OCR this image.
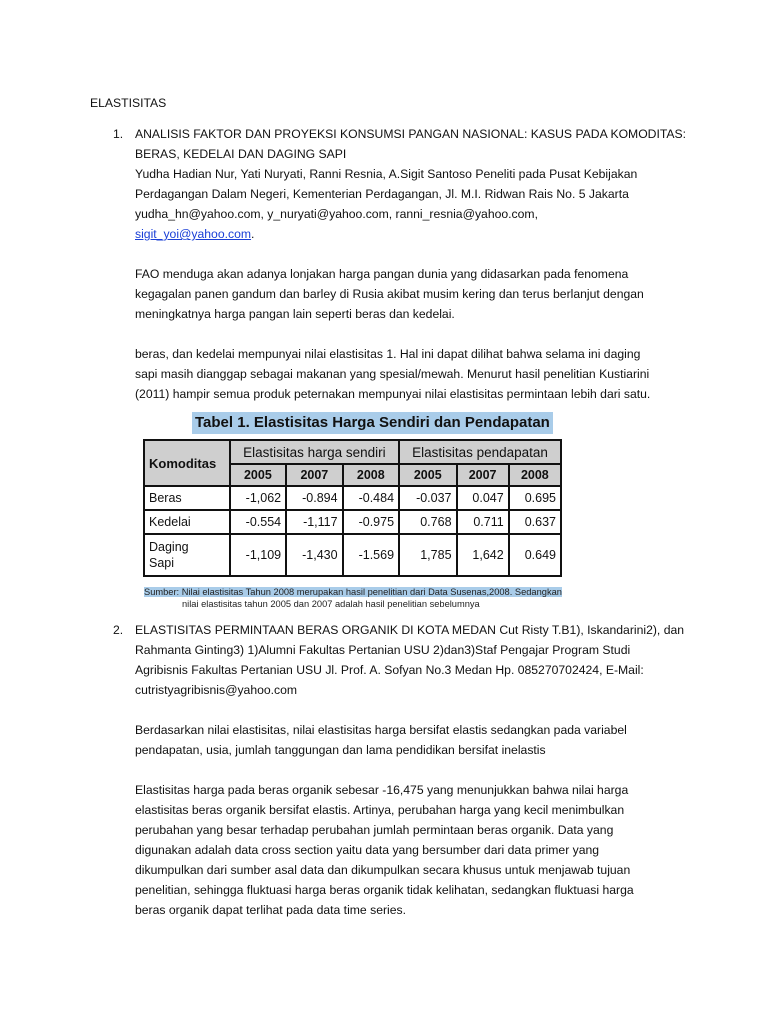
ELASTISITAS
1. ANALISIS FAKTOR DAN PROYEKSI KONSUMSI PANGAN NASIONAL: KASUS PADA KOMODITAS:
BERAS, KEDELAI DAN DAGING SAPI
Yudha Hadian Nur, Yati Nuryati, Ranni Resnia, A.Sigit Santoso Peneliti pada Pusat Kebijakan
Perdagangan Dalam Negeri, Kementerian Perdagangan, Jl. M.I. Ridwan Rais No. 5 Jakarta
yudha_hn@yahoo.com, y_nuryati@yahoo.com, ranni_resnia@yahoo.com,
sigit_yoi@yahoo.com.
FAO menduga akan adanya lonjakan harga pangan dunia yang didasarkan pada fenomena
kegagalan panen gandum dan barley di Rusia akibat musim kering dan terus berlanjut dengan
meningkatnya harga pangan lain seperti beras dan kedelai.
beras, dan kedelai mempunyai nilai elastisitas 1. Hal ini dapat dilihat bahwa selama ini daging
sapi masih dianggap sebagai makanan yang spesial/mewah. Menurut hasil penelitian Kustiarini
(2011) hampir semua produk peternakan mempunyai nilai elastisitas permintaan lebih dari satu.
Tabel 1. Elastisitas Harga Sendiri dan Pendapatan
Komoditas	Elastisitas harga sendiri			Elastisitas pendapatan		
	2005	2007	2008	2005	2007	2008
Beras	-1,062	-0.894	-0.484	-0.037	0.047	0.695
Kedelai	-0.554	-1,117	-0.975	0.768	0.711	0.637
Daging
Sapi	-1,109	-1,430	-1.569	1,785	1,642	0.649
Sumber: Nilai elastisitas Tahun 2008 merupakan hasil penelitian dari Data Susenas,2008. Sedangkan
nilai elastisitas tahun 2005 dan 2007 adalah hasil penelitian sebelumnya
2. ELASTISITAS PERMINTAAN BERAS ORGANIK DI KOTA MEDAN Cut Risty T.B1), Iskandarini2), dan
Rahmanta Ginting3) 1)Alumni Fakultas Pertanian USU 2)dan3)Staf Pengajar Program Studi
Agribisnis Fakultas Pertanian USU Jl. Prof. A. Sofyan No.3 Medan Hp. 085270702424, E-Mail:
cutristyagribisnis@yahoo.com
Berdasarkan nilai elastisitas, nilai elastisitas harga bersifat elastis sedangkan pada variabel
pendapatan, usia, jumlah tanggungan dan lama pendidikan bersifat inelastis
Elastisitas harga pada beras organik sebesar -16,475 yang menunjukkan bahwa nilai harga
elastisitas beras organik bersifat elastis. Artinya, perubahan harga yang kecil menimbulkan
perubahan yang besar terhadap perubahan jumlah permintaan beras organik. Data yang
digunakan adalah data cross section yaitu data yang bersumber dari data primer yang
dikumpulkan dari sumber asal data dan dikumpulkan secara khusus untuk menjawab tujuan
penelitian, sehingga fluktuasi harga beras organik tidak kelihatan, sedangkan fluktuasi harga
beras organik dapat terlihat pada data time series.
